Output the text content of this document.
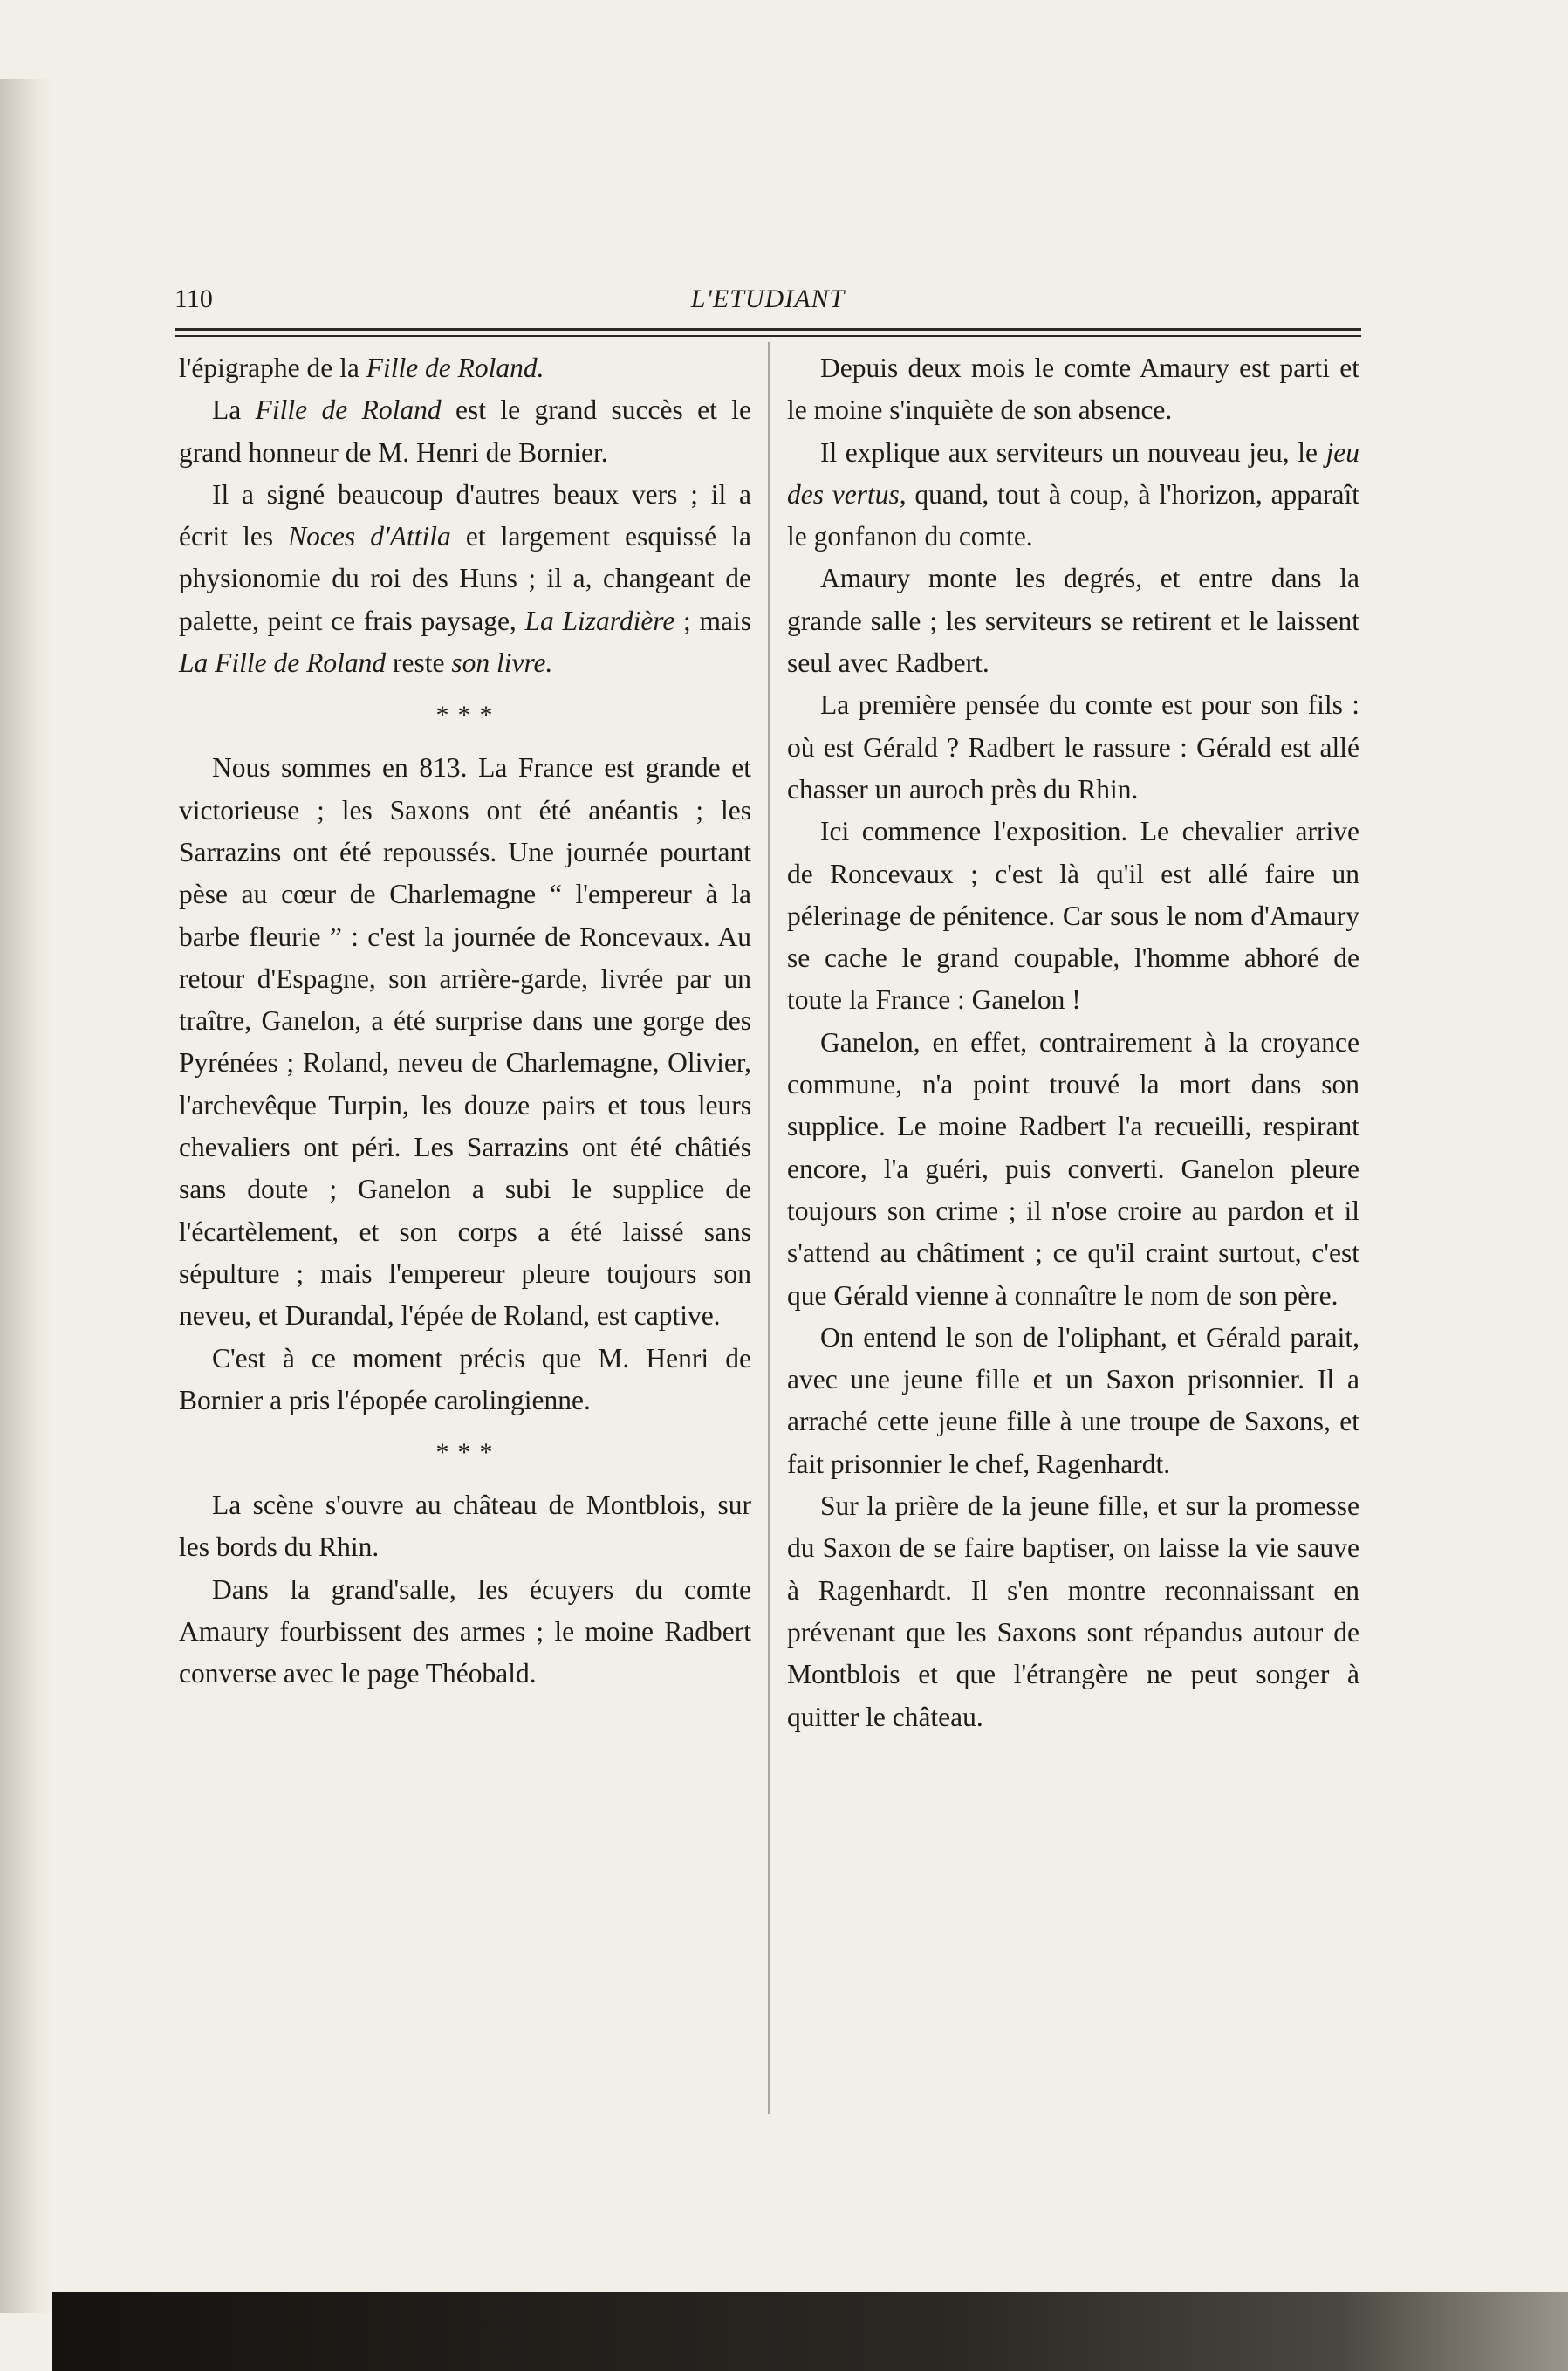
110	L'ETUDIANT

l'épigraphe de la Fille de Roland.

La Fille de Roland est le grand succès et le grand honneur de M. Henri de Bornier.

Il a signé beaucoup d'autres beaux vers ; il a écrit les Noces d'Attila et largement esquissé la physionomie du roi des Huns ; il a, changeant de palette, peint ce frais paysage, La Lizardière ; mais La Fille de Roland reste son livre.

* * *

Nous sommes en 813. La France est grande et victorieuse ; les Saxons ont été anéantis ; les Sarrazins ont été repoussés. Une journée pourtant pèse au cœur de Charlemagne “ l'empereur à la barbe fleurie ” : c'est la journée de Roncevaux. Au retour d'Espagne, son arrière-garde, livrée par un traître, Ganelon, a été surprise dans une gorge des Pyrénées ; Roland, neveu de Charlemagne, Olivier, l'archevêque Turpin, les douze pairs et tous leurs chevaliers ont péri. Les Sarrazins ont été châtiés sans doute ; Ganelon a subi le supplice de l'écartèlement, et son corps a été laissé sans sépulture ; mais l'empereur pleure toujours son neveu, et Durandal, l'épée de Roland, est captive.

C'est à ce moment précis que M. Henri de Bornier a pris l'épopée carolingienne.

* * *

La scène s'ouvre au château de Montblois, sur les bords du Rhin.

Dans la grand'salle, les écuyers du comte Amaury fourbissent des armes ; le moine Radbert converse avec le page Théobald.

Depuis deux mois le comte Amaury est parti et le moine s'inquiète de son absence.

Il explique aux serviteurs un nouveau jeu, le jeu des vertus, quand, tout à coup, à l'horizon, apparaît le gonfanon du comte.

Amaury monte les degrés, et entre dans la grande salle ; les serviteurs se retirent et le laissent seul avec Radbert.

La première pensée du comte est pour son fils : où est Gérald ? Radbert le rassure : Gérald est allé chasser un auroch près du Rhin.

Ici commence l'exposition. Le chevalier arrive de Roncevaux ; c'est là qu'il est allé faire un pélerinage de pénitence. Car sous le nom d'Amaury se cache le grand coupable, l'homme abhoré de toute la France : Ganelon !

Ganelon, en effet, contrairement à la croyance commune, n'a point trouvé la mort dans son supplice. Le moine Radbert l'a recueilli, respirant encore, l'a guéri, puis converti. Ganelon pleure toujours son crime ; il n'ose croire au pardon et il s'attend au châtiment ; ce qu'il craint surtout, c'est que Gérald vienne à connaître le nom de son père.

On entend le son de l'oliphant, et Gérald parait, avec une jeune fille et un Saxon prisonnier. Il a arraché cette jeune fille à une troupe de Saxons, et fait prisonnier le chef, Ragenhardt.

Sur la prière de la jeune fille, et sur la promesse du Saxon de se faire baptiser, on laisse la vie sauve à Ragenhardt. Il s'en montre reconnaissant en prévenant que les Saxons sont répandus autour de Montblois et que l'étrangère ne peut songer à quitter le château.
